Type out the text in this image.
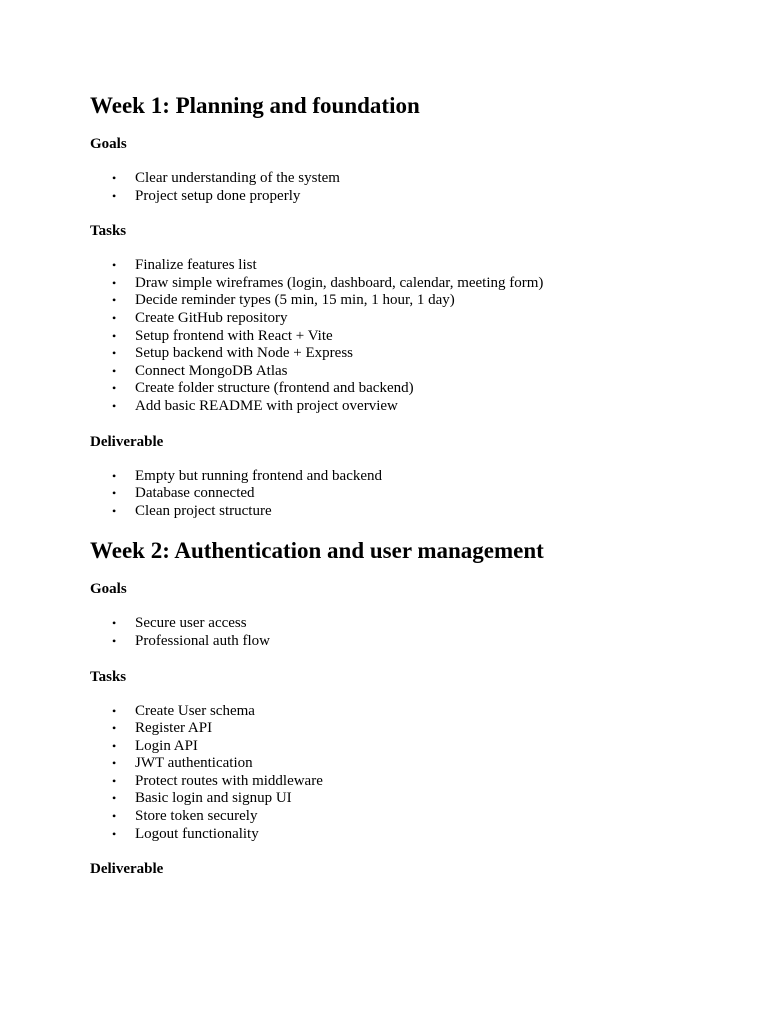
Week 1: Planning and foundation
Goals
• Clear understanding of the system
• Project setup done properly
Tasks
• Finalize features list
• Draw simple wireframes (login, dashboard, calendar, meeting form)
• Decide reminder types (5 min, 15 min, 1 hour, 1 day)
• Create GitHub repository
• Setup frontend with React + Vite
• Setup backend with Node + Express
• Connect MongoDB Atlas
• Create folder structure (frontend and backend)
• Add basic README with project overview
Deliverable
• Empty but running frontend and backend
• Database connected
• Clean project structure
Week 2: Authentication and user management
Goals
• Secure user access
• Professional auth flow
Tasks
• Create User schema
• Register API
• Login API
• JWT authentication
• Protect routes with middleware
• Basic login and signup UI
• Store token securely
• Logout functionality
Deliverable
